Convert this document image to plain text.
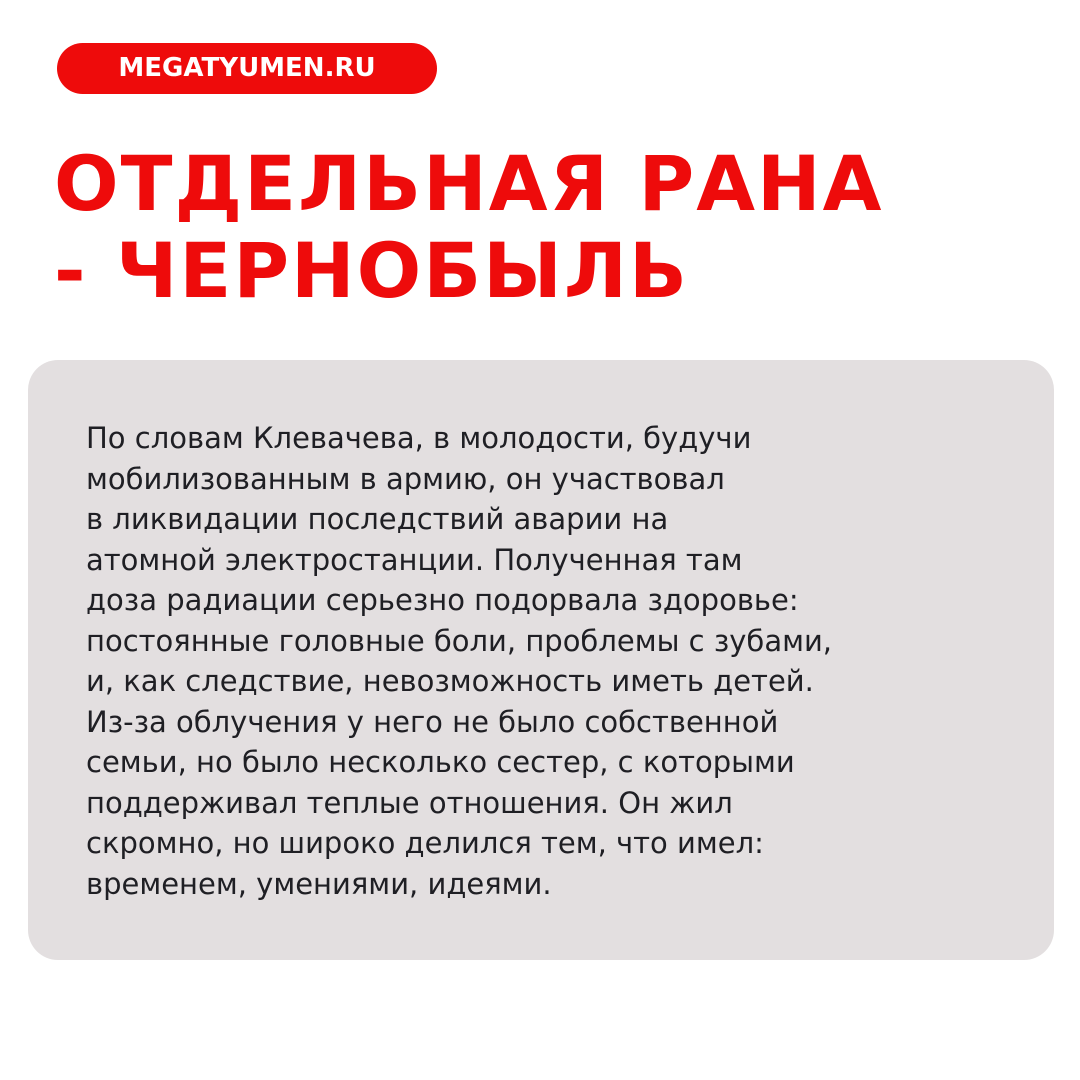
MEGATYUMEN.RU
ОТДЕЛЬНАЯ РАНА
- ЧЕРНОБЫЛЬ

По словам Клевачева, в молодости, будучи
мобилизованным в армию, он участвовал
в ликвидации последствий аварии на
атомной электростанции. Полученная там
доза радиации серьезно подорвала здоровье:
постоянные головные боли, проблемы с зубами,
и, как следствие, невозможность иметь детей.
Из-за облучения у него не было собственной
семьи, но было несколько сестер, с которыми
поддерживал теплые отношения. Он жил
скромно, но широко делился тем, что имел:
временем, умениями, идеями.
